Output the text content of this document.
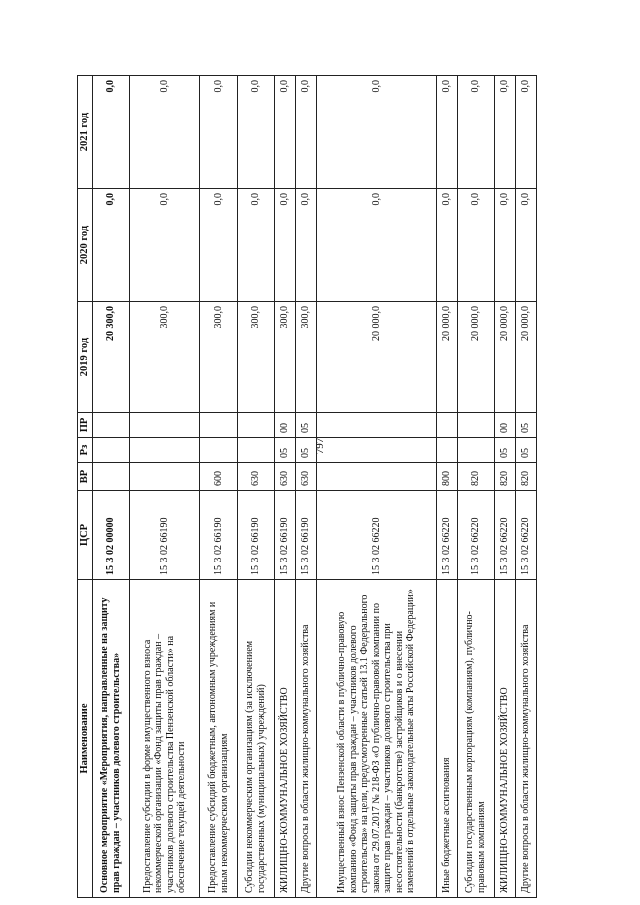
797
Наименование	ЦСР	ВР	Рз	ПР	2019 год	2020 год	2021 год
Основное мероприятие «Мероприятия, направленные на защиту прав граждан – участников долевого строительства»	15 3 02 00000				20 300,0	0,0	0,0
Предоставление субсидии в форме имущественного взноса некоммерческой организации «Фонд защиты прав граждан – участников долевого строительства Пензенской области» на обеспечение текущей деятельности	15 3 02 66190				300,0	0,0	0,0
Предоставление субсидий бюджетным, автономным учреждениям и иным некоммерческим организациям	15 3 02 66190	600			300,0	0,0	0,0
Субсидии некоммерческим организациям (за исключением государственных (муниципальных) учреждений)	15 3 02 66190	630			300,0	0,0	0,0
ЖИЛИЩНО-КОММУНАЛЬНОЕ ХОЗЯЙСТВО	15 3 02 66190	630	05	00	300,0	0,0	0,0
Другие вопросы в области жилищно-коммунального хозяйства	15 3 02 66190	630	05	05	300,0	0,0	0,0
Имущественный взнос Пензенской области в публично-правовую компанию «Фонд защиты прав граждан – участников долевого строительства» на цели, предусмотренные статьей 13.1 Федерального закона от 29.07.2017 № 218-ФЗ «О публично-правовой компании по защите прав граждан – участников долевого строительства при несостоятельности (банкротстве) застройщиков и о внесении изменений в отдельные законодательные акты Российской Федерации»	15 3 02 66220				20 000,0	0,0	0,0
Иные бюджетные ассигнования	15 3 02 66220	800			20 000,0	0,0	0,0
Субсидии государственным корпорациям (компаниям), публично-правовым компаниям	15 3 02 66220	820			20 000,0	0,0	0,0
ЖИЛИЩНО-КОММУНАЛЬНОЕ ХОЗЯЙСТВО	15 3 02 66220	820	05	00	20 000,0	0,0	0,0
Другие вопросы в области жилищно-коммунального хозяйства	15 3 02 66220	820	05	05	20 000,0	0,0	0,0
